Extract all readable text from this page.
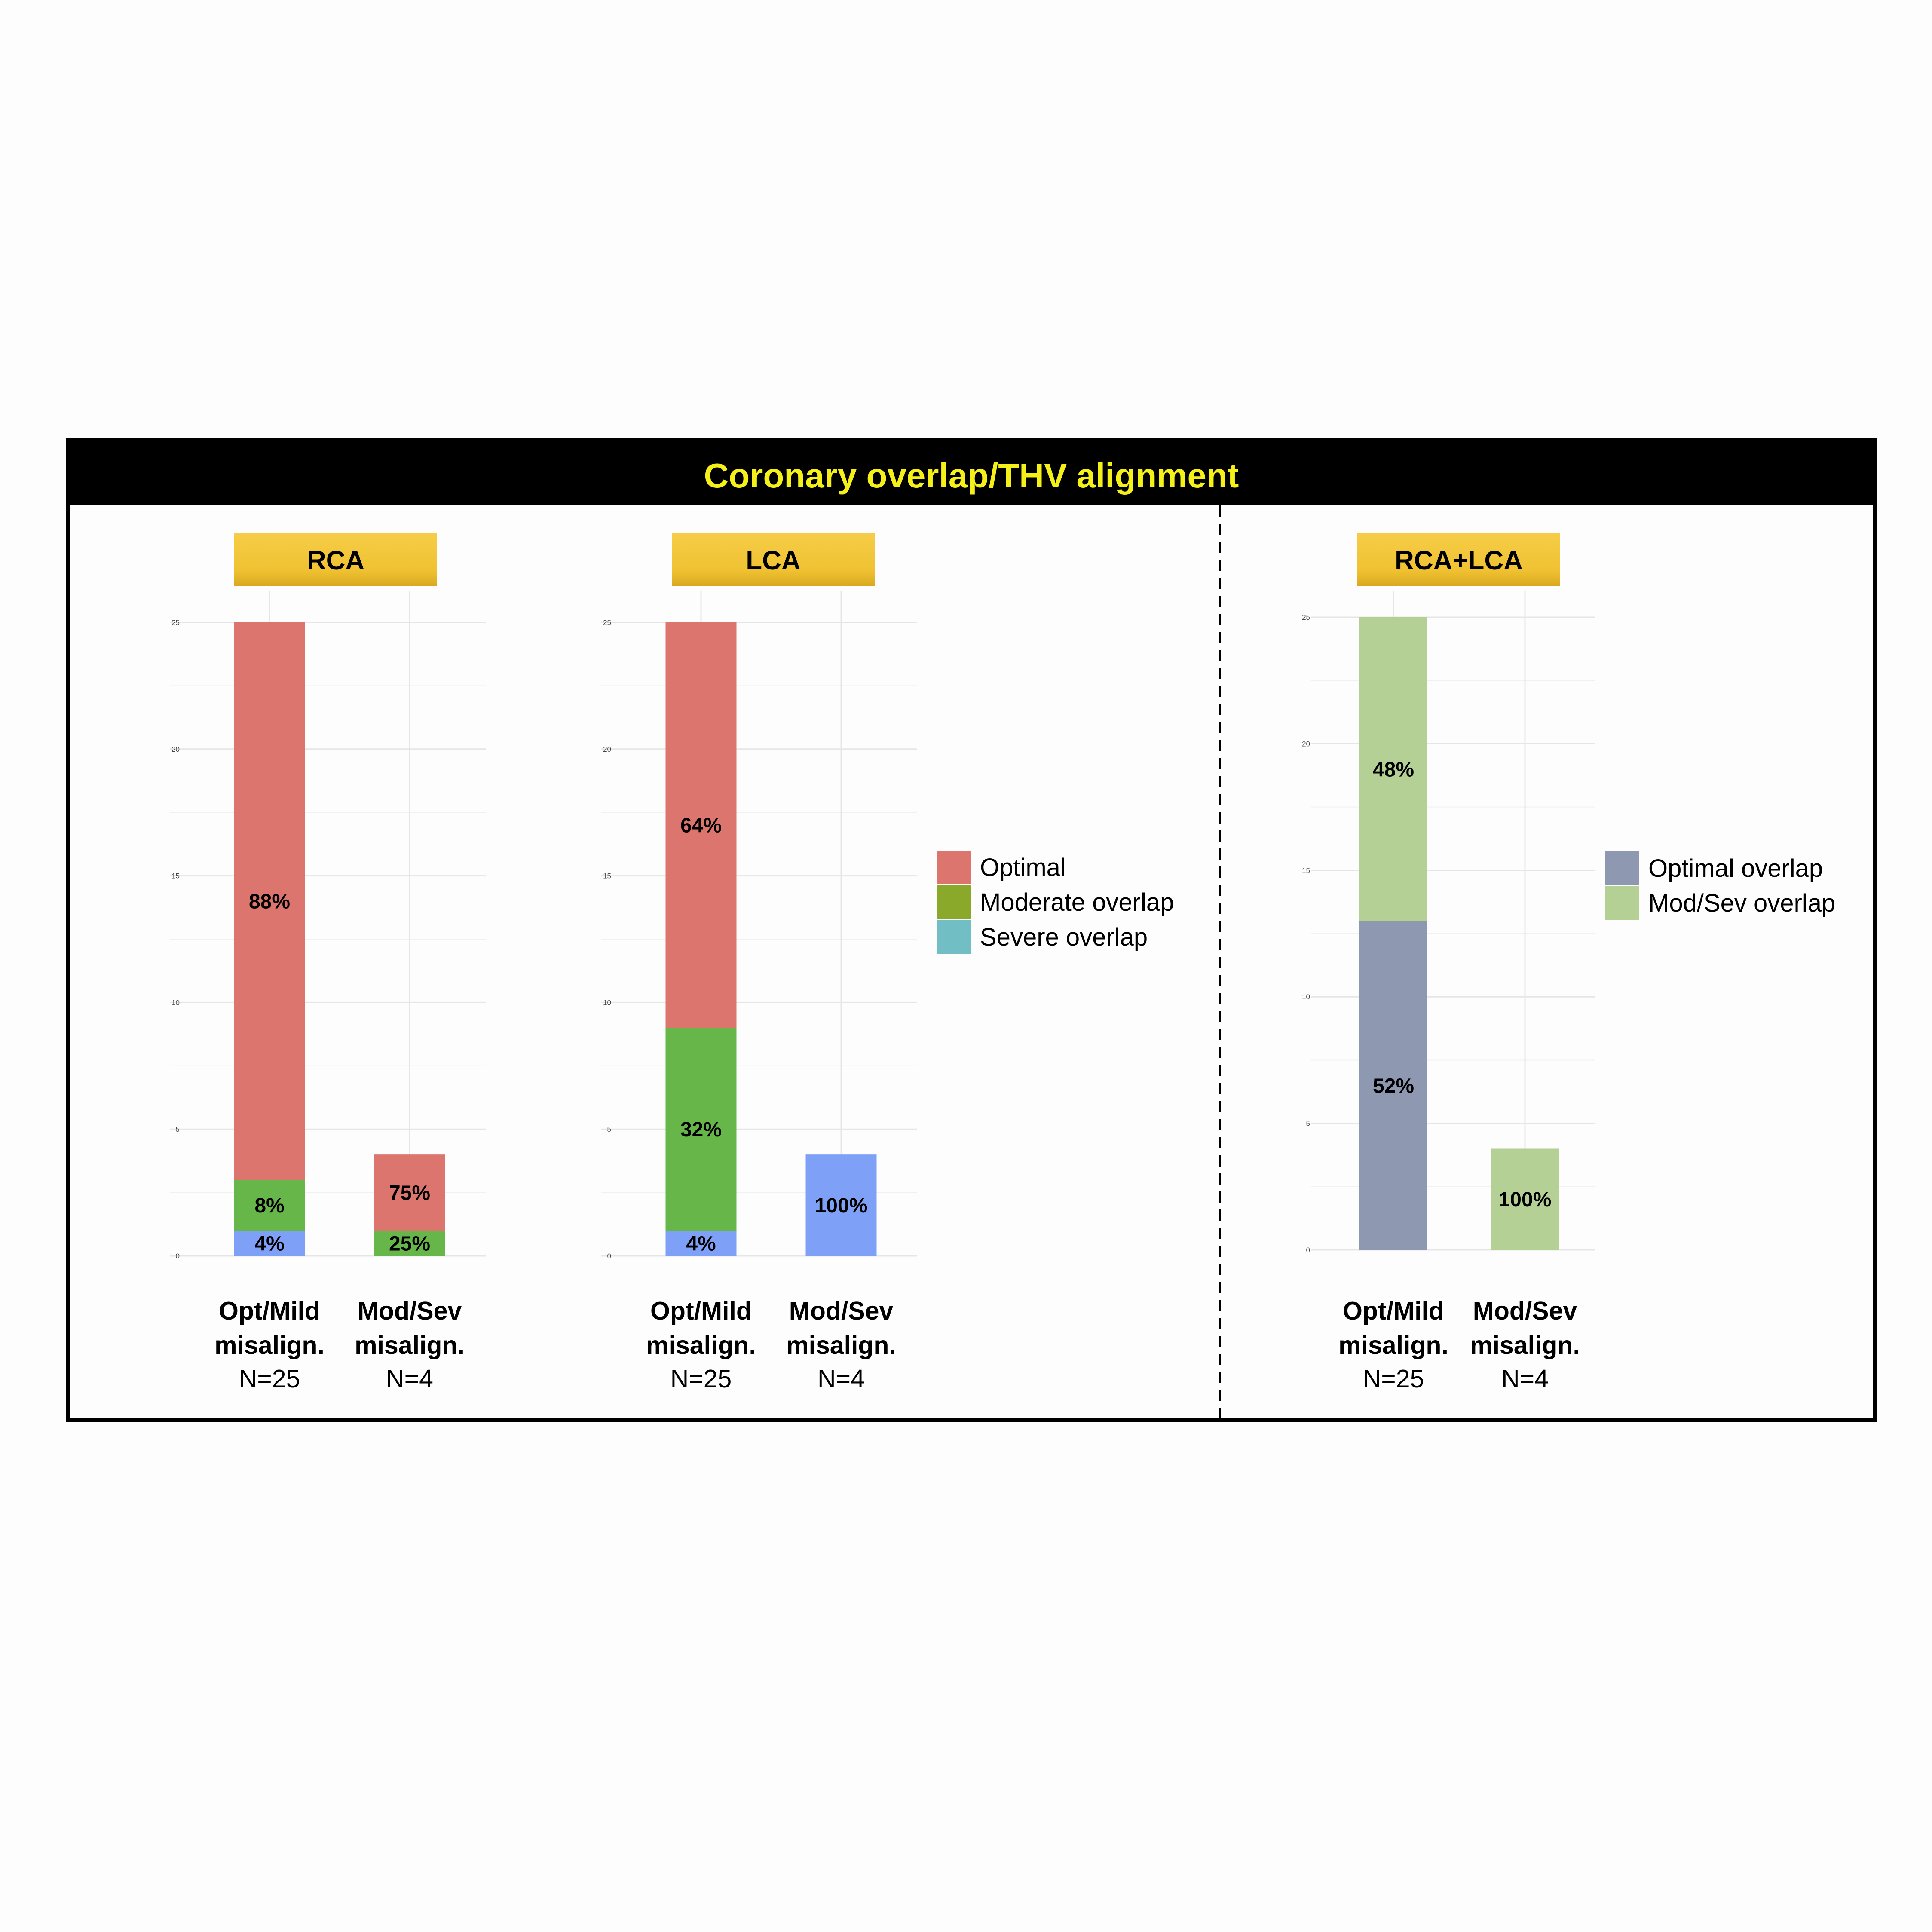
Coronary overlap/THV alignment
RCA
0
5
10
15
20
25
4%
8%
88%
Opt/Mild
misalign.
N=25
25%
75%
Mod/Sev
misalign.
N=4
LCA
0
5
10
15
20
25
4%
32%
64%
Opt/Mild
misalign.
N=25
100%
Mod/Sev
misalign.
N=4
RCA+LCA
0
5
10
15
20
25
52%
48%
Opt/Mild
misalign.
N=25
100%
Mod/Sev
misalign.
N=4
Optimal
Moderate overlap
Severe overlap
Optimal overlap
Mod/Sev overlap
